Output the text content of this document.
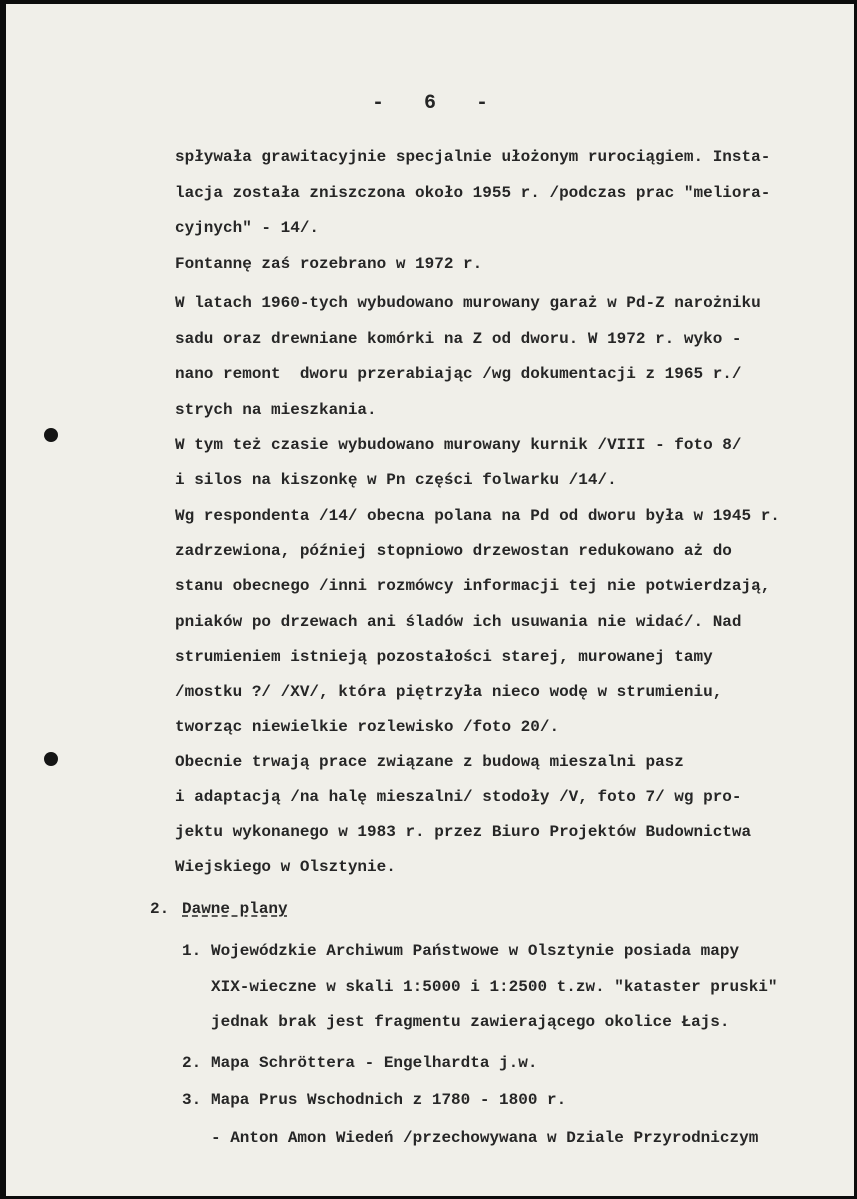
- 6 -
spływała grawitacyjnie specjalnie ułożonym rurociągiem. Insta-
lacja została zniszczona około 1955 r. /podczas prac "meliora-
cyjnych" - 14/.
Fontannę zaś rozebrano w 1972 r.
W latach 1960-tych wybudowano murowany garaż w Pd-Z narożniku
sadu oraz drewniane komórki na Z od dworu. W 1972 r. wyko -
nano remont  dworu przerabiając /wg dokumentacji z 1965 r./
strych na mieszkania.
W tym też czasie wybudowano murowany kurnik /VIII - foto 8/
i silos na kiszonkę w Pn części folwarku /14/.
Wg respondenta /14/ obecna polana na Pd od dworu była w 1945 r.
zadrzewiona, później stopniowo drzewostan redukowano aż do
stanu obecnego /inni rozmówcy informacji tej nie potwierdzają,
pniaków po drzewach ani śladów ich usuwania nie widać/. Nad
strumieniem istnieją pozostałości starej, murowanej tamy
/mostku ?/ /XV/, która piętrzyła nieco wodę w strumieniu,
tworząc niewielkie rozlewisko /foto 20/.
Obecnie trwają prace związane z budową mieszalni pasz
i adaptacją /na halę mieszalni/ stodoły /V, foto 7/ wg pro-
jektu wykonanego w 1983 r. przez Biuro Projektów Budownictwa
Wiejskiego w Olsztynie.
2. Dawne plany
1. Wojewódzkie Archiwum Państwowe w Olsztynie posiada mapy
XIX-wieczne w skali 1:5000 i 1:2500 t.zw. "kataster pruski"
jednak brak jest fragmentu zawierającego okolice Łajs.
2. Mapa Schröttera - Engelhardta j.w.
3. Mapa Prus Wschodnich z 1780 - 1800 r.
- Anton Amon Wiedeń /przechowywana w Dziale Przyrodniczym
